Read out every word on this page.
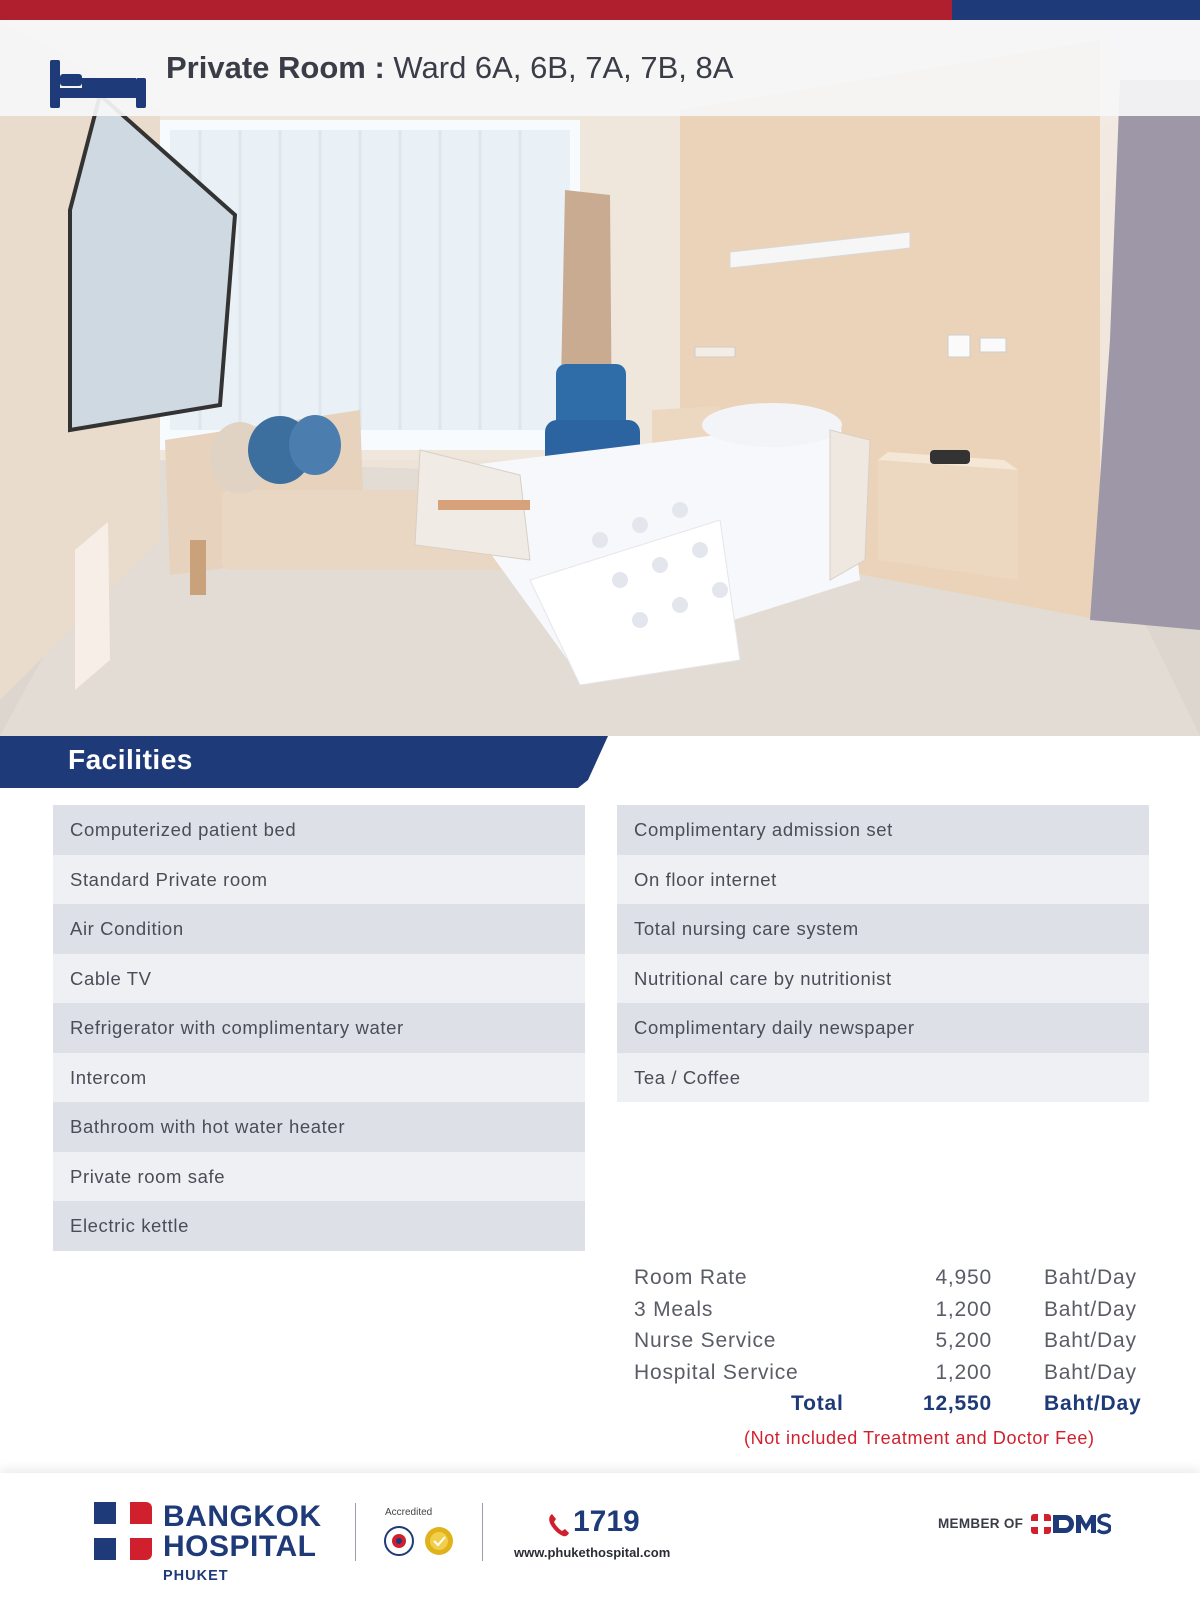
Private Room : Ward 6A, 6B, 7A, 7B, 8A
Facilities
Computerized patient bed
Standard Private room
Air Condition
Cable TV
Refrigerator with complimentary water
Intercom
Bathroom with hot water heater
Private room safe
Electric kettle
Complimentary admission set
On floor internet
Total nursing care system
Nutritional care by nutritionist
Complimentary daily newspaper
Tea / Coffee
Room Rate	4,950 Baht/Day
3 Meals	1,200 Baht/Day
Nurse Service	5,200 Baht/Day
Hospital Service	1,200 Baht/Day
Total	12,550 Baht/Day
(Not included Treatment and Doctor Fee)
BANGKOK
HOSPITAL
PHUKET
Accredited	1719
www.phukethospital.com
MEMBER OF
